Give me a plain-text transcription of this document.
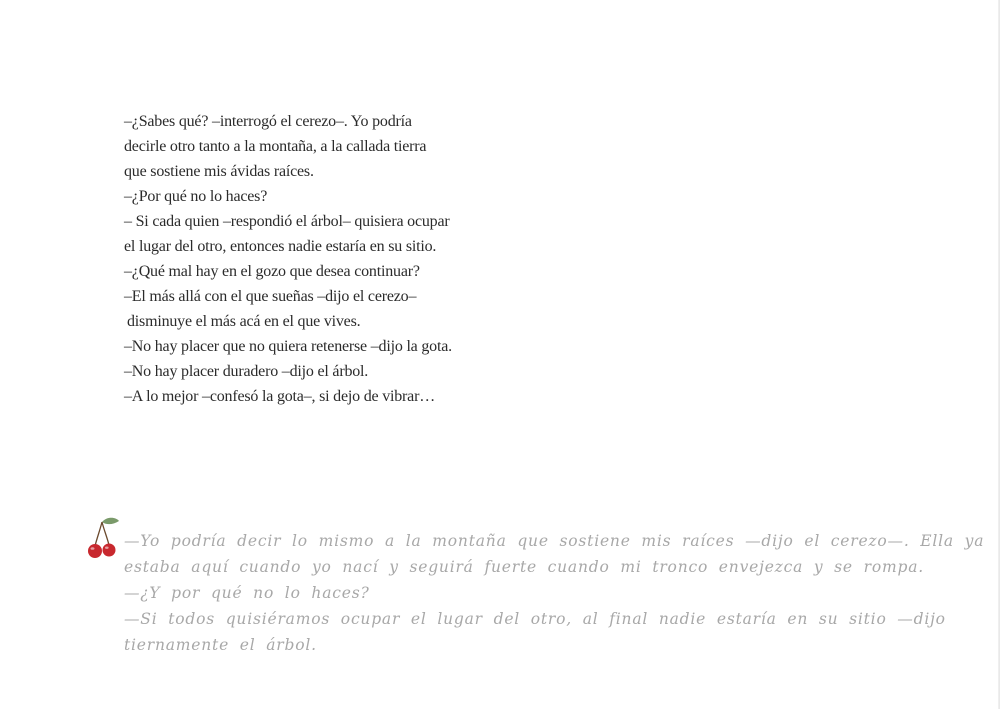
–¿Sabes qué? –interrogó el cerezo–. Yo podría
decirle otro tanto a la montaña, a la callada tierra
que sostiene mis ávidas raíces.
–¿Por qué no lo haces?
– Si cada quien –respondió el árbol– quisiera ocupar
el lugar del otro, entonces nadie estaría en su sitio.
–¿Qué mal hay en el gozo que desea continuar?
–El más allá con el que sueñas –dijo el cerezo–
disminuye el más acá en el que vives.
–No hay placer que no quiera retenerse –dijo la gota.
–No hay placer duradero –dijo el árbol.
–A lo mejor –confesó la gota–, si dejo de vibrar…
—Yo podría decir lo mismo a la montaña que sostiene mis raíces —dijo el cerezo—. Ella ya
estaba aquí cuando yo nací y seguirá fuerte cuando mi tronco envejezca y se rompa.
—¿Y por qué no lo haces?
—Si todos quisiéramos ocupar el lugar del otro, al final nadie estaría en su sitio —dijo
tiernamente el árbol.
